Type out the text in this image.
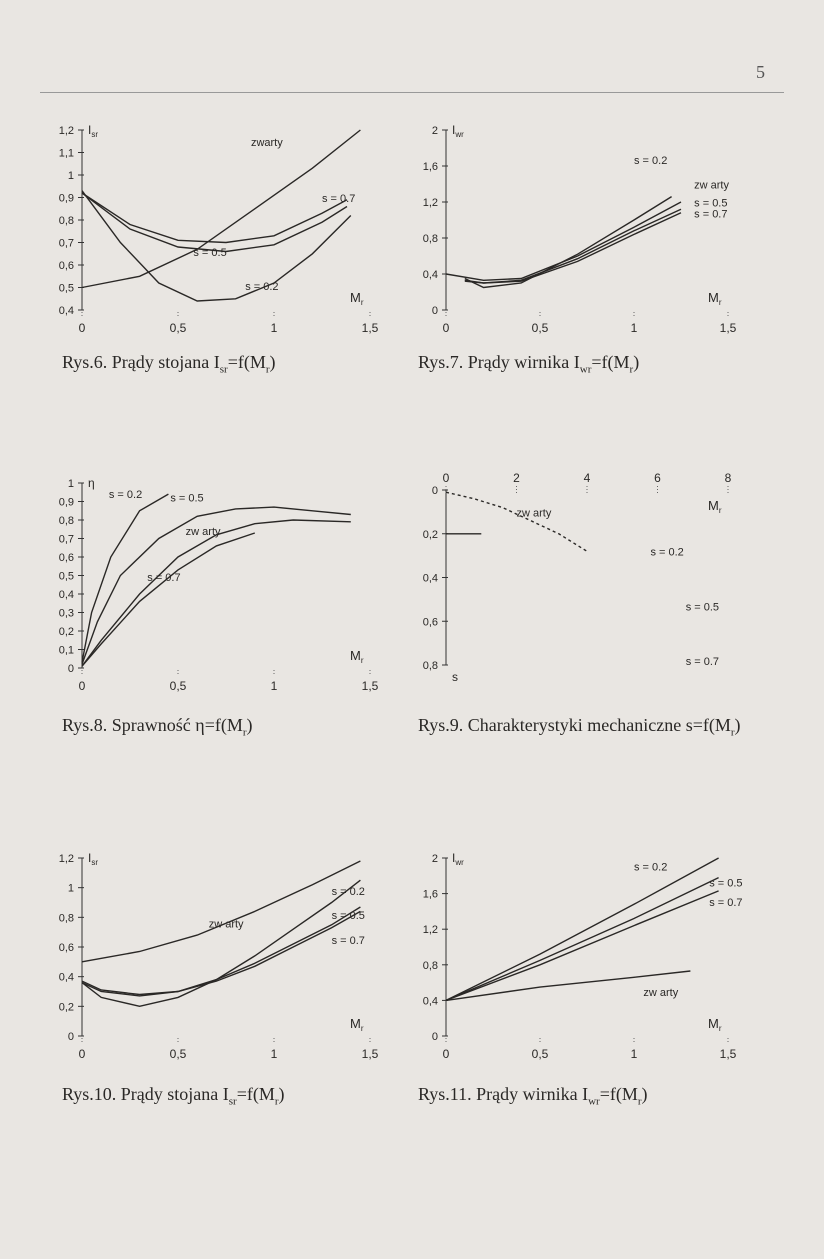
5
0,4
0,5
0,6
0,7
0,8
0,9
1
1,1
1,2
0	0,5	1	1,5
$I_{sr}$
$M_r$
zwarty
s = 0.7
s = 0.5
s = 0.2
0
0,4
0,8
1,2
1,6
2
0	0,5	1	1,5
$I_{wr}$
$M_r$
s = 0.2
zw arty
s = 0.5
s = 0.7
0
0,1
0,2
0,3
0,4
0,5
0,6
0,7
0,8
0,9
1
0	0,5	1	1,5
η
$M_r$
s = 0.2	s = 0.5
zw arty
s = 0.7
0
0,2
0,4
0,6
0,8
0	2	4	6	8
s
$M_r$
zw arty
s = 0.2
s = 0.5
s = 0.7
0
0,2
0,4
0,6
0,8
1
1,2
0	0,5	1	1,5
$I_{sr}$
$M_r$
zw arty
s = 0.2
s = 0.5
s = 0.7
0
0,4
0,8
1,2
1,6
2
0	0,5	1	1,5
$I_{wr}$
$M_r$
s = 0.2
s = 0.5
s = 0.7
zw arty
Rys.6. Prądy stojana $I_{sr}=f(M_r)$	Rys.7. Prądy wirnika $I_{wr}=f(M_r)$
Rys.8. Sprawność $\eta=f(M_r)$	Rys.9. Charakterystyki mechaniczne $s=f(M_r)$
Rys.10. Prądy stojana $I_{sr}=f(M_r)$	Rys.11. Prądy wirnika $I_{wr}=f(M_r)$
